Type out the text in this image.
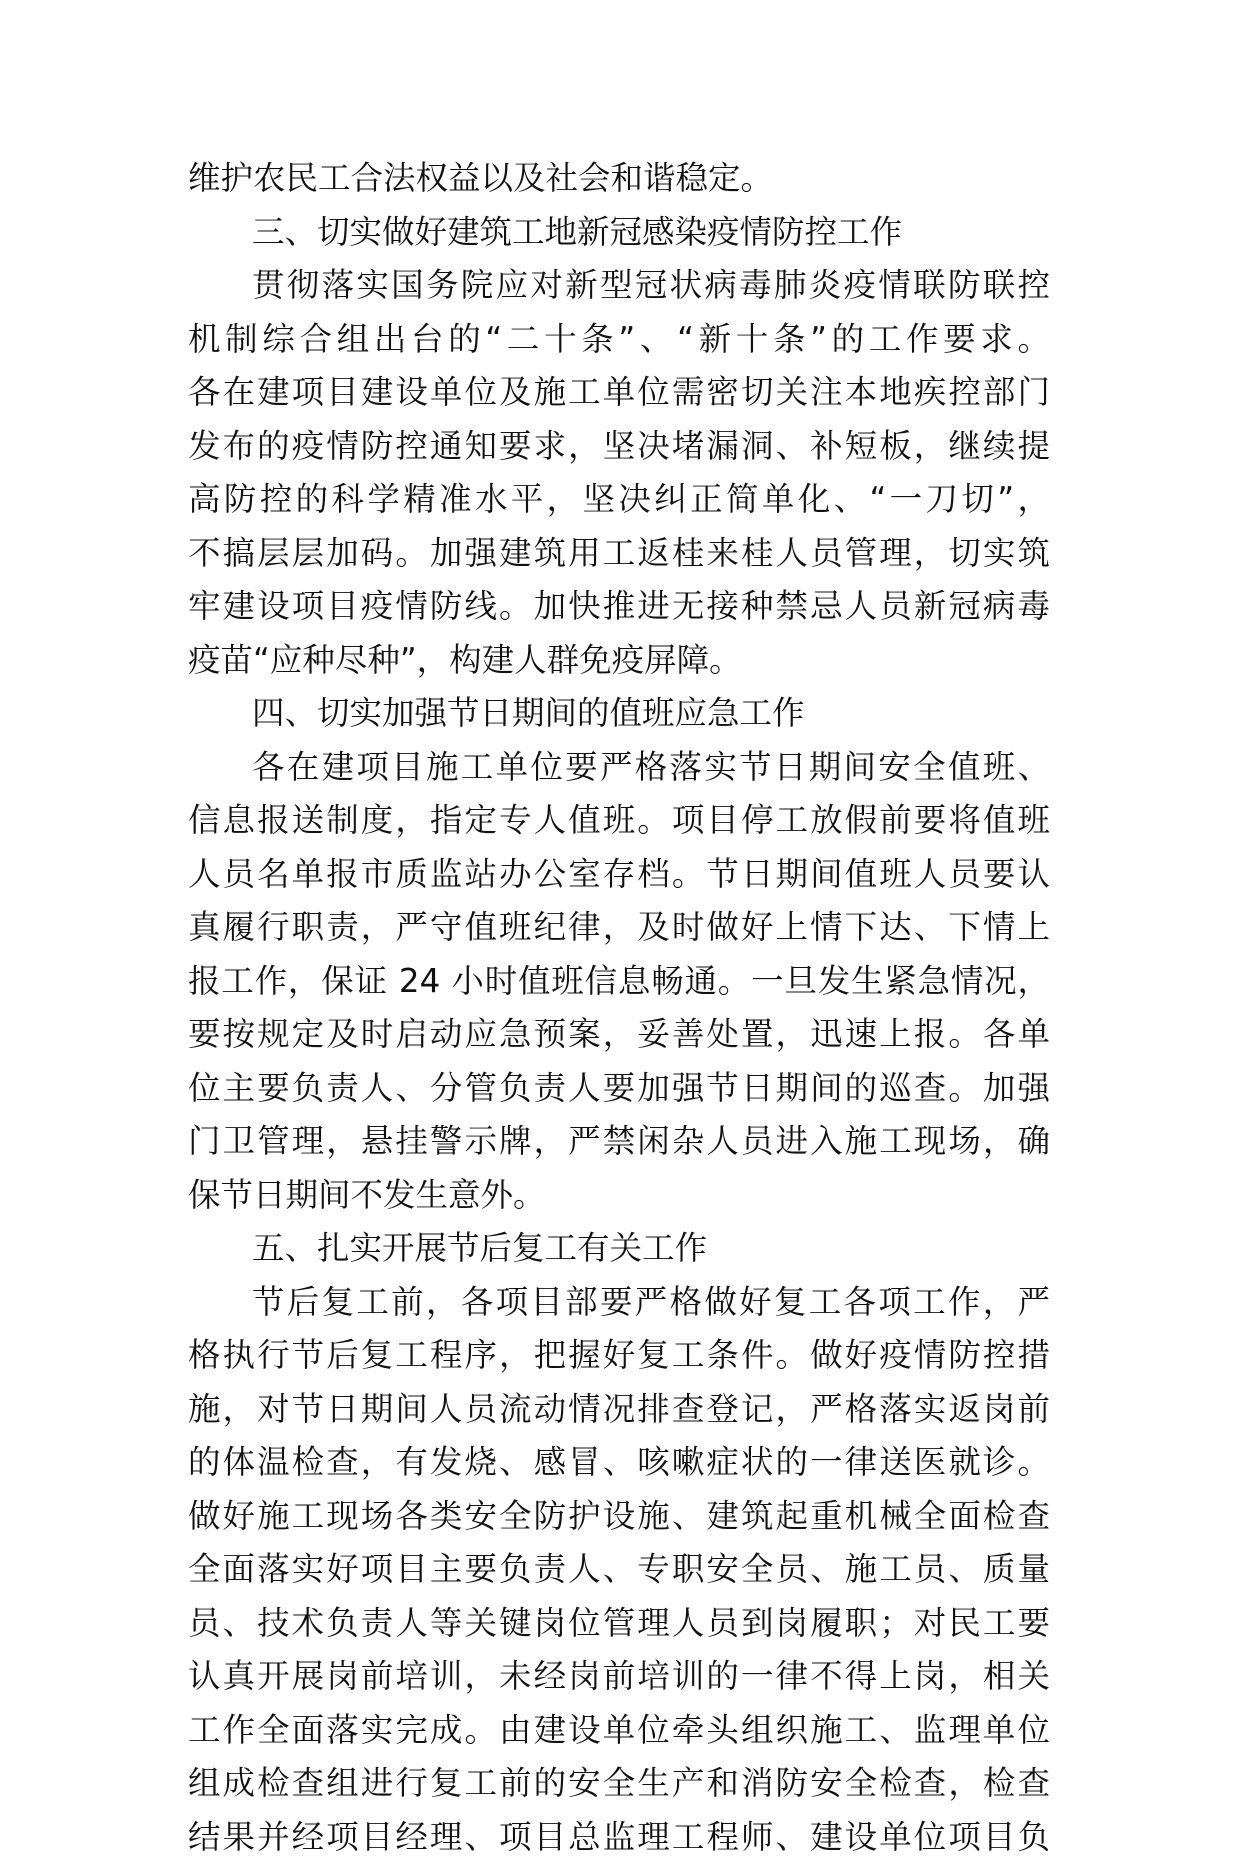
维护农民工合法权益以及社会和谐稳定。
三、切实做好建筑工地新冠感染疫情防控工作
贯彻落实国务院应对新型冠状病毒肺炎疫情联防联控
机制综合组出台的“二十条”、“新十条”的工作要求。
各在建项目建设单位及施工单位需密切关注本地疾控部门
发布的疫情防控通知要求，坚决堵漏洞、补短板，继续提
高防控的科学精准水平，坚决纠正简单化、“一刀切”，
不搞层层加码。加强建筑用工返桂来桂人员管理，切实筑
牢建设项目疫情防线。加快推进无接种禁忌人员新冠病毒
疫苗“应种尽种”，构建人群免疫屏障。
四、切实加强节日期间的值班应急工作
各在建项目施工单位要严格落实节日期间安全值班、
信息报送制度，指定专人值班。项目停工放假前要将值班
人员名单报市质监站办公室存档。节日期间值班人员要认
真履行职责，严守值班纪律，及时做好上情下达、下情上
报工作，保证 24 小时值班信息畅通。一旦发生紧急情况，
要按规定及时启动应急预案，妥善处置，迅速上报。各单
位主要负责人、分管负责人要加强节日期间的巡查。加强
门卫管理，悬挂警示牌，严禁闲杂人员进入施工现场，确
保节日期间不发生意外。
五、扎实开展节后复工有关工作
节后复工前，各项目部要严格做好复工各项工作，严
格执行节后复工程序，把握好复工条件。做好疫情防控措
施，对节日期间人员流动情况排查登记，严格落实返岗前
的体温检查，有发烧、感冒、咳嗽症状的一律送医就诊。
做好施工现场各类安全防护设施、建筑起重机械全面检查
全面落实好项目主要负责人、专职安全员、施工员、质量
员、技术负责人等关键岗位管理人员到岗履职；对民工要
认真开展岗前培训，未经岗前培训的一律不得上岗，相关
工作全面落实完成。由建设单位牵头组织施工、监理单位
组成检查组进行复工前的安全生产和消防安全检查，检查
结果并经项目经理、项目总监理工程师、建设单位项目负
